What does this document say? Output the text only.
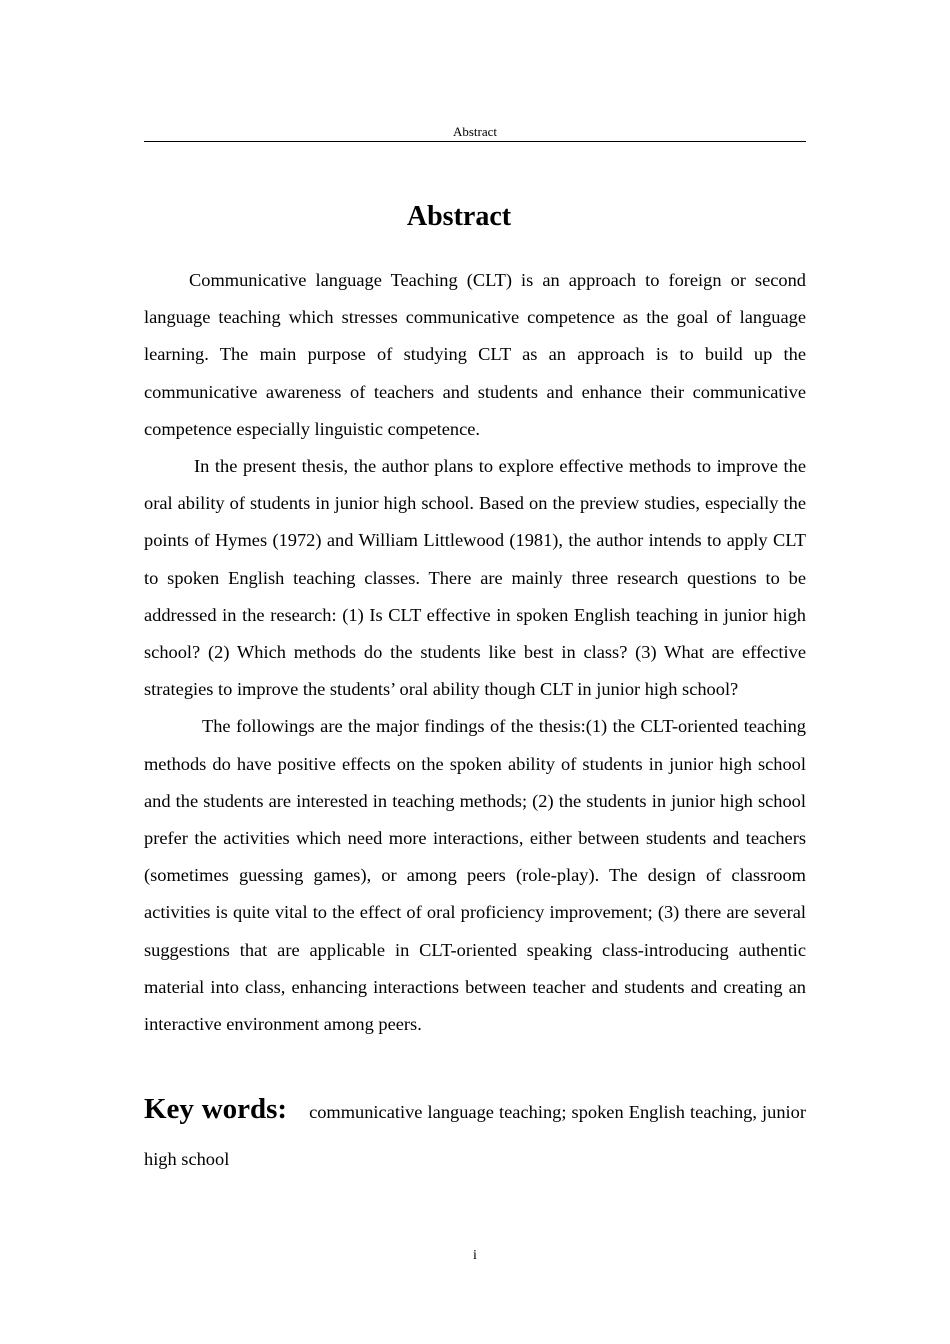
Abstract
Abstract

Communicative language Teaching (CLT) is an approach to foreign or second language teaching which stresses communicative competence as the goal of language learning. The main purpose of studying CLT as an approach is to build up the communicative awareness of teachers and students and enhance their communicative competence especially linguistic competence.

In the present thesis, the author plans to explore effective methods to improve the oral ability of students in junior high school. Based on the preview studies, especially the points of Hymes (1972) and William Littlewood (1981), the author intends to apply CLT to spoken English teaching classes. There are mainly three research questions to be addressed in the research: (1) Is CLT effective in spoken English teaching in junior high school? (2) Which methods do the students like best in class? (3) What are effective strategies to improve the students’ oral ability though CLT in junior high school?

The followings are the major findings of the thesis:(1) the CLT-oriented teaching methods do have positive effects on the spoken ability of students in junior high school and the students are interested in teaching methods; (2) the students in junior high school prefer the activities which need more interactions, either between students and teachers (sometimes guessing games), or among peers (role-play). The design of classroom activities is quite vital to the effect of oral proficiency improvement; (3) there are several suggestions that are applicable in CLT-oriented speaking class-introducing authentic material into class, enhancing interactions between teacher and students and creating an interactive environment among peers.

Key words: communicative language teaching; spoken English teaching, junior high school

i
